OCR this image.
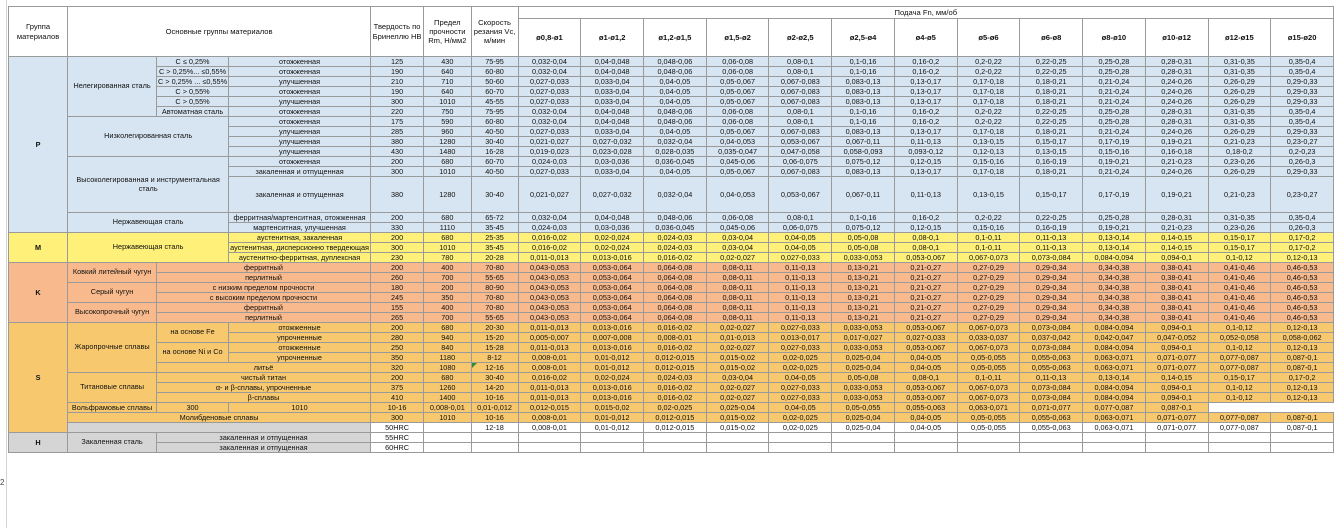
2
Группа материалов	Основные группы материалов			Твердость по Бринеллю HB	Предел прочности Rm, Н/мм2	Скорость резания Vc, м/мин	Подача Fn, мм/об												
							ø0,8-ø1	ø1-ø1,2	ø1,2-ø1,5	ø1,5-ø2	ø2-ø2,5	ø2,5-ø4	ø4-ø5	ø5-ø6	ø6-ø8	ø8-ø10	ø10-ø12	ø12-ø15	ø15-ø20
P	Нелегированная сталь	C ≤ 0,25%	отожженная	125	430	75-95	0,032-0,04	0,04-0,048	0,048-0,06	0,06-0,08	0,08-0,1	0,1-0,16	0,16-0,2	0,2-0,22	0,22-0,25	0,25-0,28	0,28-0,31	0,31-0,35	0,35-0,4
		C > 0,25%... ≤0,55%	отожженная	190	640	60-80	0,032-0,04	0,04-0,048	0,048-0,06	0,06-0,08	0,08-0,1	0,1-0,16	0,16-0,2	0,2-0,22	0,22-0,25	0,25-0,28	0,28-0,31	0,31-0,35	0,35-0,4
		C > 0,25% ... ≤0,55%	улучшенная	210	710	50-60	0,027-0,033	0,033-0,04	0,04-0,05	0,05-0,067	0,067-0,083	0,083-0,13	0,13-0,17	0,17-0,18	0,18-0,21	0,21-0,24	0,24-0,26	0,26-0,29	0,29-0,33
		C > 0,55%	отожженная	190	640	60-70	0,027-0,033	0,033-0,04	0,04-0,05	0,05-0,067	0,067-0,083	0,083-0,13	0,13-0,17	0,17-0,18	0,18-0,21	0,21-0,24	0,24-0,26	0,26-0,29	0,29-0,33
		C > 0,55%	улучшенная	300	1010	45-55	0,027-0,033	0,033-0,04	0,04-0,05	0,05-0,067	0,067-0,083	0,083-0,13	0,13-0,17	0,17-0,18	0,18-0,21	0,21-0,24	0,24-0,26	0,26-0,29	0,29-0,33
		Автоматная сталь	отожженная	220	750	75-95	0,032-0,04	0,04-0,048	0,048-0,06	0,06-0,08	0,08-0,1	0,1-0,16	0,16-0,2	0,2-0,22	0,22-0,25	0,25-0,28	0,28-0,31	0,31-0,35	0,35-0,4
	Низколегированная сталь		отожженная	175	590	60-80	0,032-0,04	0,04-0,048	0,048-0,06	0,06-0,08	0,08-0,1	0,1-0,16	0,16-0,2	0,2-0,22	0,22-0,25	0,25-0,28	0,28-0,31	0,31-0,35	0,35-0,4
			улучшенная	285	960	40-50	0,027-0,033	0,033-0,04	0,04-0,05	0,05-0,067	0,067-0,083	0,083-0,13	0,13-0,17	0,17-0,18	0,18-0,21	0,21-0,24	0,24-0,26	0,26-0,29	0,29-0,33
			улучшенная	380	1280	30-40	0,021-0,027	0,027-0,032	0,032-0,04	0,04-0,053	0,053-0,067	0,067-0,11	0,11-0,13	0,13-0,15	0,15-0,17	0,17-0,19	0,19-0,21	0,21-0,23	0,23-0,27
			улучшенная	430	1480	16-28	0,019-0,023	0,023-0,028	0,028-0,035	0,035-0,047	0,047-0,058	0,058-0,093	0,093-0,12	0,12-0,13	0,13-0,15	0,15-0,16	0,16-0,18	0,18-0,2	0,2-0,23
	Высоколегированная и инструментальная сталь		отожженная	200	680	60-70	0,024-0,03	0,03-0,036	0,036-0,045	0,045-0,06	0,06-0,075	0,075-0,12	0,12-0,15	0,15-0,16	0,16-0,19	0,19-0,21	0,21-0,23	0,23-0,26	0,26-0,3
			закаленная и отпущенная	300	1010	40-50	0,027-0,033	0,033-0,04	0,04-0,05	0,05-0,067	0,067-0,083	0,083-0,13	0,13-0,17	0,17-0,18	0,18-0,21	0,21-0,24	0,24-0,26	0,26-0,29	0,29-0,33
			закаленная и отпущенная	380	1280	30-40	0,021-0,027	0,027-0,032	0,032-0,04	0,04-0,053	0,053-0,067	0,067-0,11	0,11-0,13	0,13-0,15	0,15-0,17	0,17-0,19	0,19-0,21	0,21-0,23	0,23-0,27
	Нержавеющая сталь		ферритная/мартенситная, отожженная	200	680	65-72	0,032-0,04	0,04-0,048	0,048-0,06	0,06-0,08	0,08-0,1	0,1-0,16	0,16-0,2	0,2-0,22	0,22-0,25	0,25-0,28	0,28-0,31	0,31-0,35	0,35-0,4
			мартенситная, улучшенная	330	1110	35-45	0,024-0,03	0,03-0,036	0,036-0,045	0,045-0,06	0,06-0,075	0,075-0,12	0,12-0,15	0,15-0,16	0,16-0,19	0,19-0,21	0,21-0,23	0,23-0,26	0,26-0,3
M	Нержавеющая сталь		аустенитная, закаленная	200	680	25-35	0,016-0,02	0,02-0,024	0,024-0,03	0,03-0,04	0,04-0,05	0,05-0,08	0,08-0,1	0,1-0,11	0,11-0,13	0,13-0,14	0,14-0,15	0,15-0,17	0,17-0,2
			аустенитная, дисперсионно твердеющая	300	1010	35-45	0,016-0,02	0,02-0,024	0,024-0,03	0,03-0,04	0,04-0,05	0,05-0,08	0,08-0,1	0,1-0,11	0,11-0,13	0,13-0,14	0,14-0,15	0,15-0,17	0,17-0,2
			аустенитно-ферритная, дуплексная	230	780	20-28	0,011-0,013	0,013-0,016	0,016-0,02	0,02-0,027	0,027-0,033	0,033-0,053	0,053-0,067	0,067-0,073	0,073-0,084	0,084-0,094	0,094-0,1	0,1-0,12	0,12-0,13
K	Ковкий литейный чугун	ферритный		200	400	70-80	0,043-0,053	0,053-0,064	0,064-0,08	0,08-0,11	0,11-0,13	0,13-0,21	0,21-0,27	0,27-0,29	0,29-0,34	0,34-0,38	0,38-0,41	0,41-0,46	0,46-0,53
		перлитный		260	700	55-65	0,043-0,053	0,053-0,064	0,064-0,08	0,08-0,11	0,11-0,13	0,13-0,21	0,21-0,27	0,27-0,29	0,29-0,34	0,34-0,38	0,38-0,41	0,41-0,46	0,46-0,53
	Серый чугун	с низким пределом прочности		180	200	80-90	0,043-0,053	0,053-0,064	0,064-0,08	0,08-0,11	0,11-0,13	0,13-0,21	0,21-0,27	0,27-0,29	0,29-0,34	0,34-0,38	0,38-0,41	0,41-0,46	0,46-0,53
		с высоким пределом прочности		245	350	70-80	0,043-0,053	0,053-0,064	0,064-0,08	0,08-0,11	0,11-0,13	0,13-0,21	0,21-0,27	0,27-0,29	0,29-0,34	0,34-0,38	0,38-0,41	0,41-0,46	0,46-0,53
	Высокопрочный чугун	ферритный		155	400	70-80	0,043-0,053	0,053-0,064	0,064-0,08	0,08-0,11	0,11-0,13	0,13-0,21	0,21-0,27	0,27-0,29	0,29-0,34	0,34-0,38	0,38-0,41	0,41-0,46	0,46-0,53
		перлитный		265	700	55-65	0,043-0,053	0,053-0,064	0,064-0,08	0,08-0,11	0,11-0,13	0,13-0,21	0,21-0,27	0,27-0,29	0,29-0,34	0,34-0,38	0,38-0,41	0,41-0,46	0,46-0,53
S	Жаропрочные сплавы	на основе Fe	отожженные	200	680	20-30	0,011-0,013	0,013-0,016	0,016-0,02	0,02-0,027	0,027-0,033	0,033-0,053	0,053-0,067	0,067-0,073	0,073-0,084	0,084-0,094	0,094-0,1	0,1-0,12	0,12-0,13
			упрочненные	280	940	15-20	0,005-0,007	0,007-0,008	0,008-0,01	0,01-0,013	0,013-0,017	0,017-0,027	0,027-0,033	0,033-0,037	0,037-0,042	0,042-0,047	0,047-0,052	0,052-0,058	0,058-0,062
		на основе Ni и Co	отожженные	250	840	15-28	0,011-0,013	0,013-0,016	0,016-0,02	0,02-0,027	0,027-0,033	0,033-0,053	0,053-0,067	0,067-0,073	0,073-0,084	0,084-0,094	0,094-0,1	0,1-0,12	0,12-0,13
			упрочненные	350	1180	8-12	0,008-0,01	0,01-0,012	0,012-0,015	0,015-0,02	0,02-0,025	0,025-0,04	0,04-0,05	0,05-0,055	0,055-0,063	0,063-0,071	0,071-0,077	0,077-0,087	0,087-0,1
		литьё		320	1080	12-16	0,008-0,01	0,01-0,012	0,012-0,015	0,015-0,02	0,02-0,025	0,025-0,04	0,04-0,05	0,05-0,055	0,055-0,063	0,063-0,071	0,071-0,077	0,077-0,087	0,087-0,1
	Титановые сплавы	чистый титан		200	680	30-40	0,016-0,02	0,02-0,024	0,024-0,03	0,03-0,04	0,04-0,05	0,05-0,08	0,08-0,1	0,1-0,11	0,11-0,13	0,13-0,14	0,14-0,15	0,15-0,17	0,17-0,2
		α- и β-сплавы, упрочненные		375	1260	14-20	0,011-0,013	0,013-0,016	0,016-0,02	0,02-0,027	0,027-0,033	0,033-0,053	0,053-0,067	0,067-0,073	0,073-0,084	0,084-0,094	0,094-0,1	0,1-0,12	0,12-0,13
		β-сплавы		410	1400	10-16	0,011-0,013	0,013-0,016	0,016-0,02	0,02-0,027	0,027-0,033	0,033-0,053	0,053-0,067	0,067-0,073	0,073-0,084	0,084-0,094	0,094-0,1	0,1-0,12	0,12-0,13
	Вольфрамовые сплавы	300	1010	10-16	0,008-0,01	0,01-0,012	0,012-0,015	0,015-0,02	0,02-0,025	0,025-0,04	0,04-0,05	0,05-0,055	0,055-0,063	0,063-0,071	0,071-0,077	0,077-0,087	0,087-0,1		
	Молибденовые сплавы			300	1010	10-16	0,008-0,01	0,01-0,012	0,012-0,015	0,015-0,02	0,02-0,025	0,025-0,04	0,04-0,05	0,05-0,055	0,055-0,063	0,063-0,071	0,071-0,077	0,077-0,087	0,087-0,1
				50HRC		12-18	0,008-0,01	0,01-0,012	0,012-0,015	0,015-0,02	0,02-0,025	0,025-0,04	0,04-0,05	0,05-0,055	0,055-0,063	0,063-0,071	0,071-0,077	0,077-0,087	0,087-0,1
H	Закаленная сталь	закаленная и отпущенная		55HRC															
		закаленная и отпущенная		60HRC															
